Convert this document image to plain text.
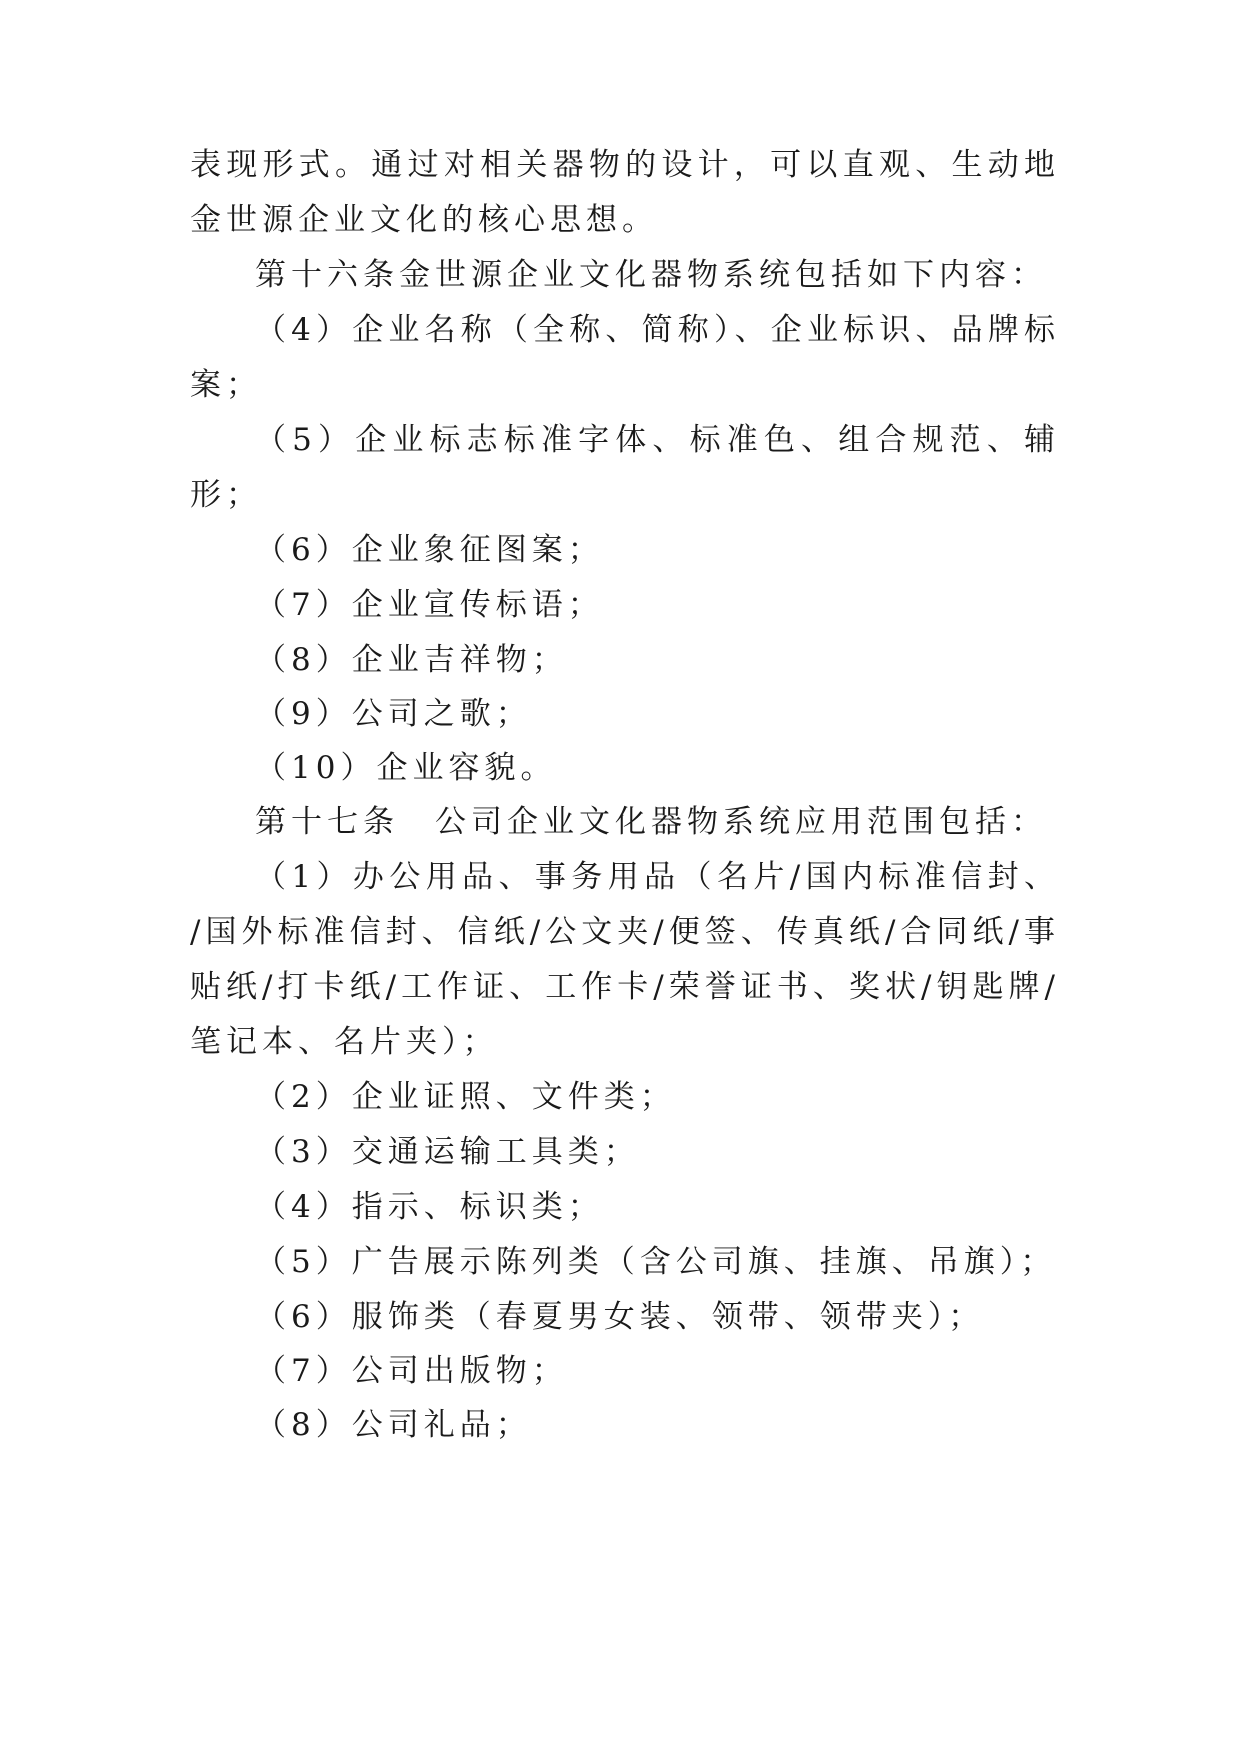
表现形式。通过对相关器物的设计，可以直观、生动地
金世源企业文化的核心思想。
第十六条金世源企业文化器物系统包括如下内容：
（4）企业名称（全称、简称）、企业标识、品牌标
案；
（5）企业标志标准字体、标准色、组合规范、辅
形；
（6）企业象征图案；
（7）企业宣传标语；
（8）企业吉祥物；
（9）公司之歌；
（10）企业容貌。
第十七条　公司企业文化器物系统应用范围包括：
（1）办公用品、事务用品（名片/国内标准信封、
/国外标准信封、信纸/公文夹/便签、传真纸/合同纸/事
贴纸/打卡纸/工作证、工作卡/荣誉证书、奖状/钥匙牌/
笔记本、名片夹）；
（2）企业证照、文件类；
（3）交通运输工具类；
（4）指示、标识类；
（5）广告展示陈列类（含公司旗、挂旗、吊旗）；
（6）服饰类（春夏男女装、领带、领带夹）；
（7）公司出版物；
（8）公司礼品；
